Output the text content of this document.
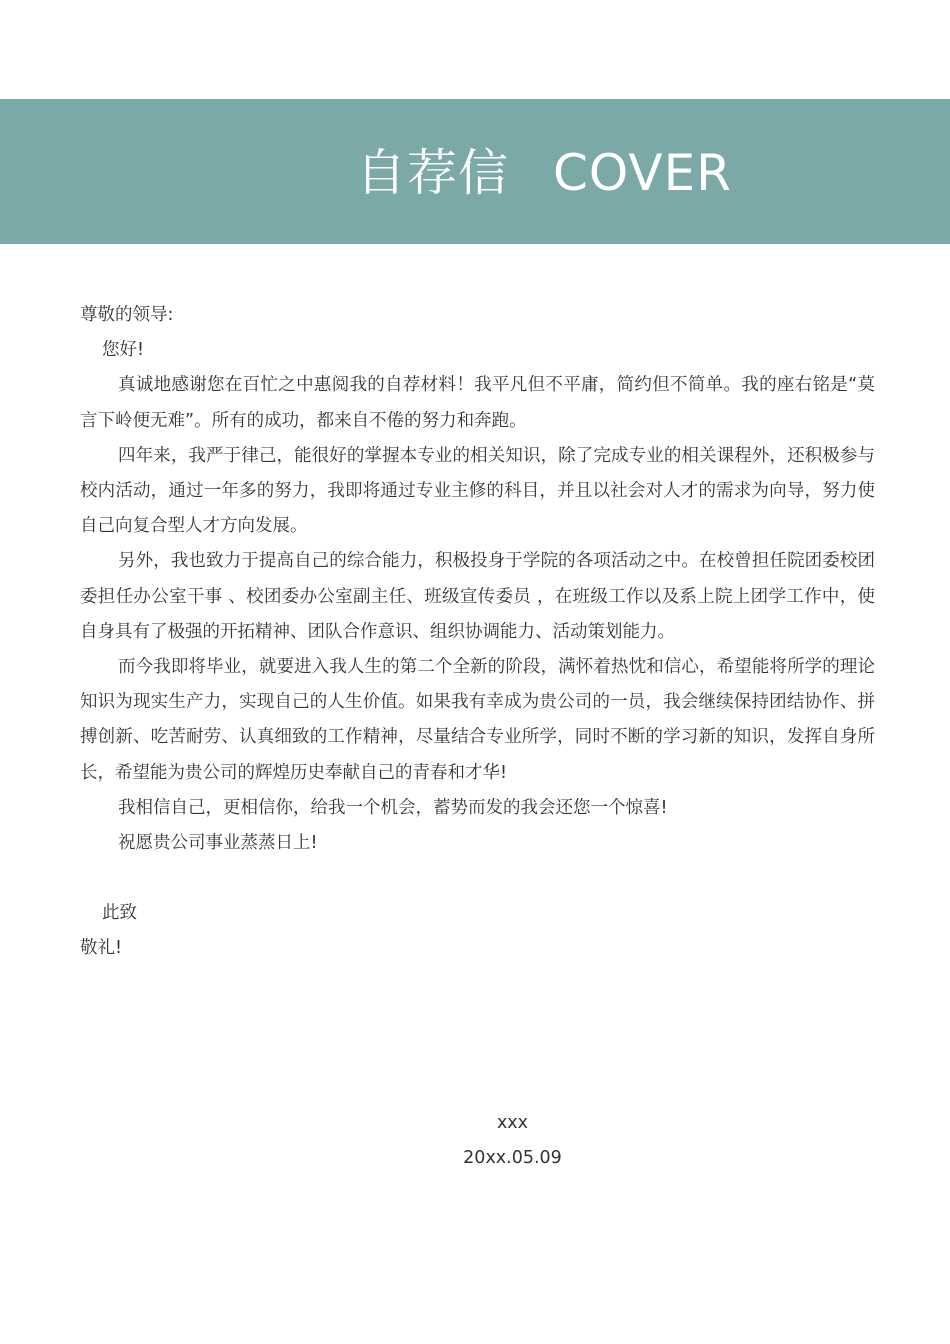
自荐信 COVER

尊敬的领导:

您好!

真诚地感谢您在百忙之中惠阅我的自荐材料！我平凡但不平庸，简约但不简单。我的座右铭是“莫言下岭便无难”。所有的成功，都来自不倦的努力和奔跑。

四年来，我严于律己，能很好的掌握本专业的相关知识，除了完成专业的相关课程外，还积极参与校内活动，通过一年多的努力，我即将通过专业主修的科目，并且以社会对人才的需求为向导，努力使自己向复合型人才方向发展。

另外，我也致力于提高自己的综合能力，积极投身于学院的各项活动之中。在校曾担任院团委校团委担任办公室干事 、校团委办公室副主任、班级宣传委员 ，在班级工作以及系上院上团学工作中，使自身具有了极强的开拓精神、团队合作意识、组织协调能力、活动策划能力。

而今我即将毕业，就要进入我人生的第二个全新的阶段，满怀着热忱和信心，希望能将所学的理论知识为现实生产力，实现自己的人生价值。如果我有幸成为贵公司的一员，我会继续保持团结协作、拼搏创新、吃苦耐劳、认真细致的工作精神，尽量结合专业所学，同时不断的学习新的知识，发挥自身所长，希望能为贵公司的辉煌历史奉献自己的青春和才华!

我相信自己，更相信你，给我一个机会，蓄势而发的我会还您一个惊喜!

祝愿贵公司事业蒸蒸日上!

此致

敬礼!

xxx
20xx.05.09
